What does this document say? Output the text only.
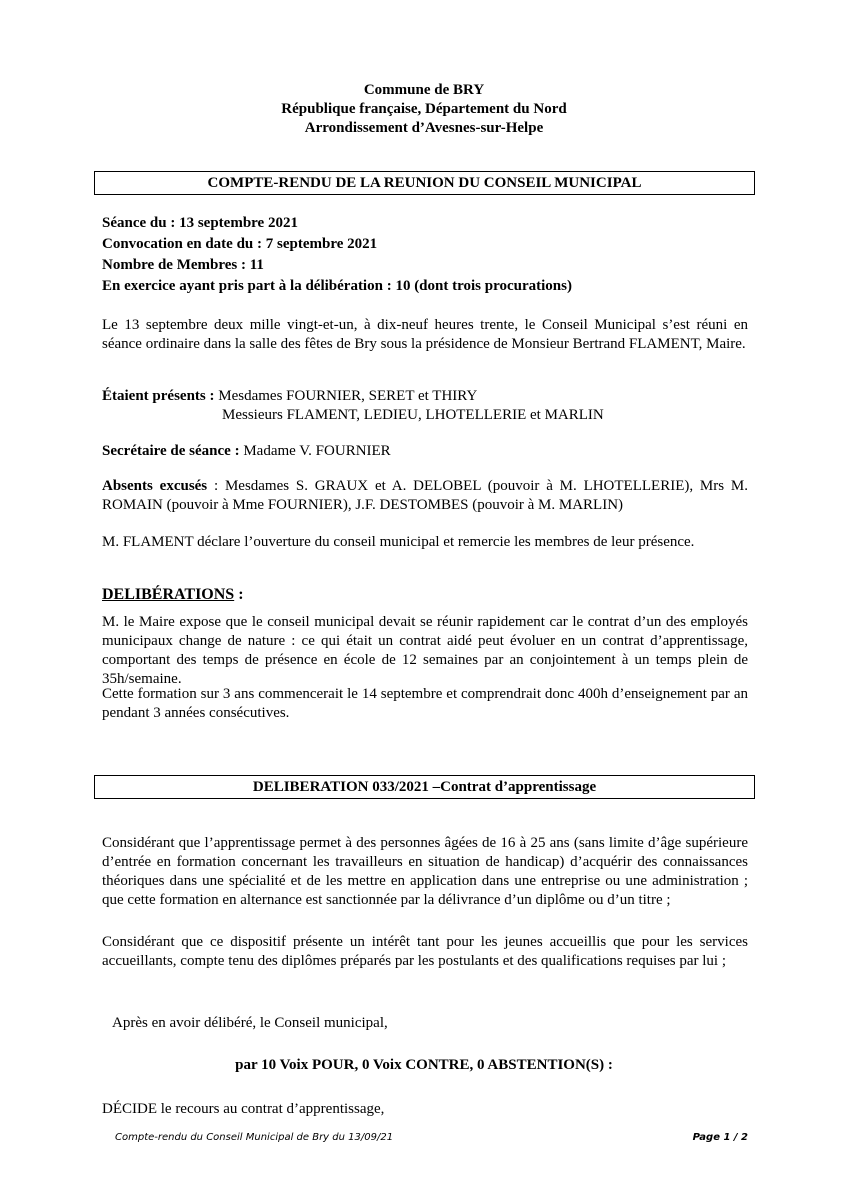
Commune de BRY
République française, Département du Nord
Arrondissement d’Avesnes-sur-Helpe
COMPTE-RENDU DE LA REUNION DU CONSEIL MUNICIPAL
Séance du : 13 septembre 2021
Convocation en date du : 7 septembre 2021
Nombre de Membres : 11
En exercice ayant pris part à la délibération : 10 (dont trois procurations)
Le 13 septembre deux mille vingt-et-un, à dix-neuf heures trente, le Conseil Municipal s’est réuni en séance ordinaire dans la salle des fêtes de Bry sous la présidence de Monsieur Bertrand FLAMENT, Maire.
Étaient présents : Mesdames FOURNIER, SERET et THIRY
Messieurs FLAMENT, LEDIEU, LHOTELLERIE et MARLIN
Secrétaire de séance : Madame V. FOURNIER
Absents excusés : Mesdames S. GRAUX et A. DELOBEL (pouvoir à M. LHOTELLERIE), Mrs M. ROMAIN (pouvoir à Mme FOURNIER), J.F. DESTOMBES (pouvoir à M. MARLIN)
M. FLAMENT déclare l’ouverture du conseil municipal et remercie les membres de leur présence.
DELIBÉRATIONS :
M. le Maire expose que le conseil municipal devait se réunir rapidement car le contrat d’un des employés municipaux change de nature : ce qui était un contrat aidé peut évoluer en un contrat d’apprentissage, comportant des temps de présence en école de 12 semaines par an conjointement à un temps plein de 35h/semaine.
Cette formation sur 3 ans commencerait le 14 septembre et comprendrait donc 400h d’enseignement par an pendant 3 années consécutives.
DELIBERATION 033/2021 –Contrat d’apprentissage
Considérant que l’apprentissage permet à des personnes âgées de 16 à 25 ans (sans limite d’âge supérieure d’entrée en formation concernant les travailleurs en situation de handicap) d’acquérir des connaissances théoriques dans une spécialité et de les mettre en application dans une entreprise ou une administration ; que cette formation en alternance est sanctionnée par la délivrance d’un diplôme ou d’un titre ;
Considérant que ce dispositif présente un intérêt tant pour les jeunes accueillis que pour les services accueillants, compte tenu des diplômes préparés par les postulants et des qualifications requises par lui ;
Après en avoir délibéré, le Conseil municipal,
par 10 Voix POUR, 0 Voix CONTRE, 0 ABSTENTION(S) :
DÉCIDE le recours au contrat d’apprentissage,
Compte-rendu du Conseil Municipal de Bry du 13/09/21	Page 1 / 2
